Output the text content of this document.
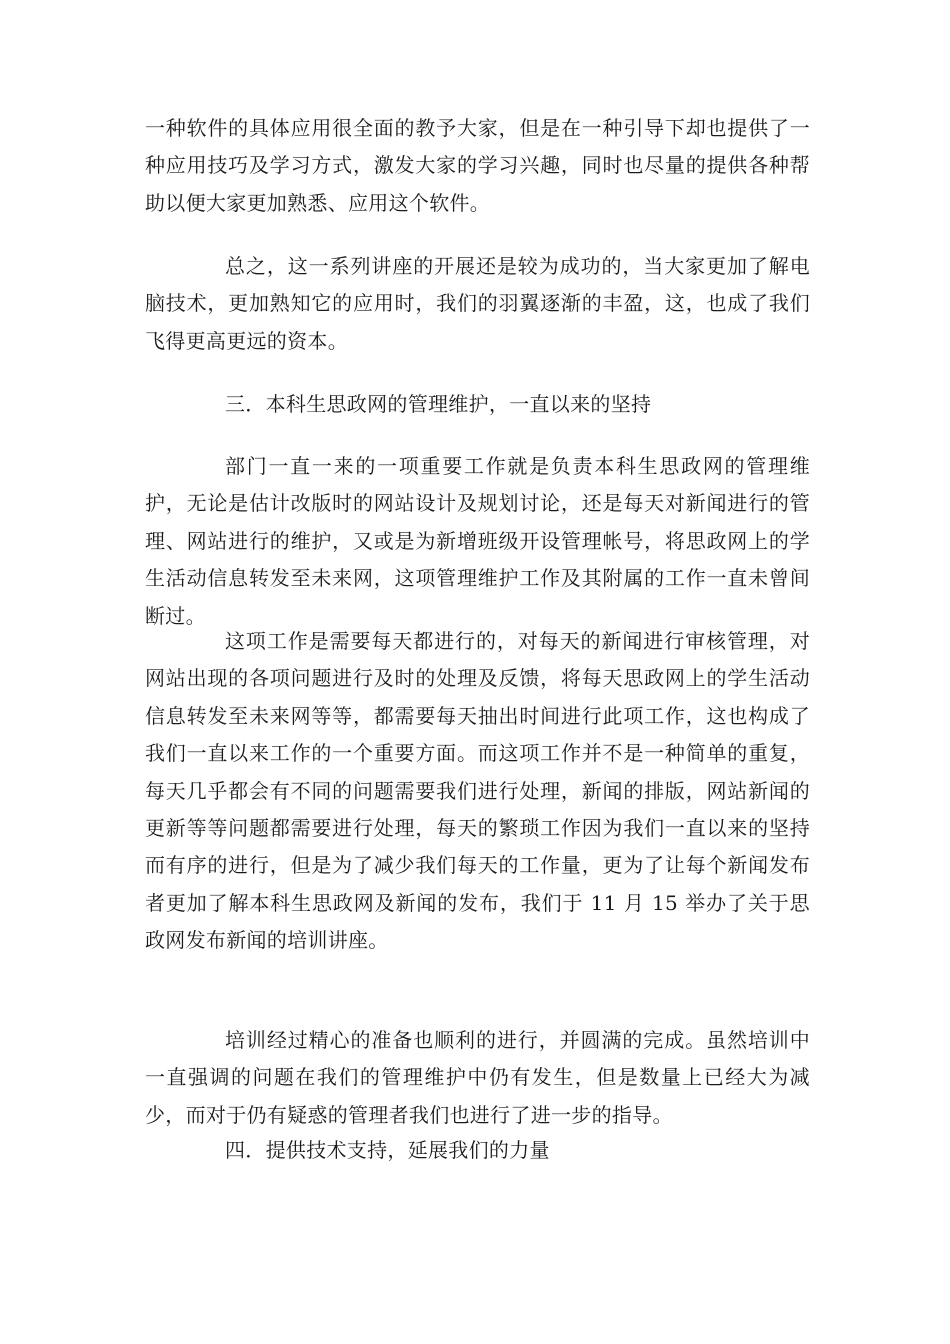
一种软件的具体应用很全面的教予大家，但是在一种引导下却也提供了一种应用技巧及学习方式，激发大家的学习兴趣，同时也尽量的提供各种帮助以便大家更加熟悉、应用这个软件。

总之，这一系列讲座的开展还是较为成功的，当大家更加了解电脑技术，更加熟知它的应用时，我们的羽翼逐渐的丰盈，这，也成了我们飞得更高更远的资本。

三．本科生思政网的管理维护，一直以来的坚持

部门一直一来的一项重要工作就是负责本科生思政网的管理维护，无论是估计改版时的网站设计及规划讨论，还是每天对新闻进行的管理、网站进行的维护，又或是为新增班级开设管理帐号，将思政网上的学生活动信息转发至未来网，这项管理维护工作及其附属的工作一直未曾间断过。

这项工作是需要每天都进行的，对每天的新闻进行审核管理，对网站出现的各项问题进行及时的处理及反馈，将每天思政网上的学生活动信息转发至未来网等等，都需要每天抽出时间进行此项工作，这也构成了我们一直以来工作的一个重要方面。而这项工作并不是一种简单的重复，每天几乎都会有不同的问题需要我们进行处理，新闻的排版，网站新闻的更新等等问题都需要进行处理，每天的繁琐工作因为我们一直以来的坚持而有序的进行，但是为了减少我们每天的工作量，更为了让每个新闻发布者更加了解本科生思政网及新闻的发布，我们于 11 月 15 举办了关于思政网发布新闻的培训讲座。

培训经过精心的准备也顺利的进行，并圆满的完成。虽然培训中一直强调的问题在我们的管理维护中仍有发生，但是数量上已经大为减少，而对于仍有疑惑的管理者我们也进行了进一步的指导。

四．提供技术支持，延展我们的力量
